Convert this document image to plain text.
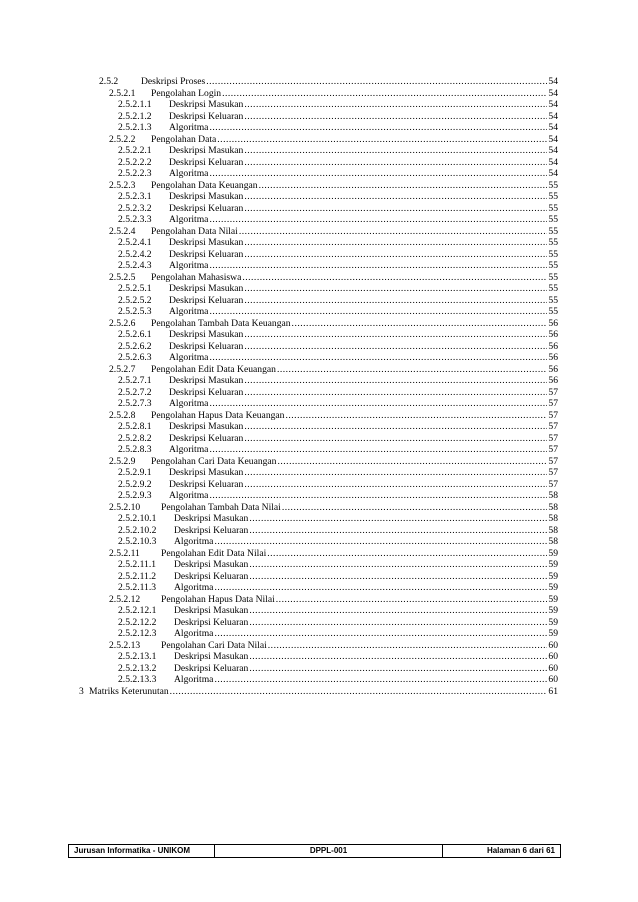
2.5.2 Deskripsi Proses .....	54
2.5.2.1 Pengolahan Login .....	54
2.5.2.1.1 Deskripsi Masukan .....	54
2.5.2.1.2 Deskripsi Keluaran .....	54
2.5.2.1.3 Algoritma .....	54
2.5.2.2 Pengolahan Data .....	54
2.5.2.2.1 Deskripsi Masukan .....	54
2.5.2.2.2 Deskripsi Keluaran .....	54
2.5.2.2.3 Algoritma .....	54
2.5.2.3 Pengolahan Data Keuangan .....	55
2.5.2.3.1 Deskripsi Masukan .....	55
2.5.2.3.2 Deskripsi Keluaran .....	55
2.5.2.3.3 Algoritma .....	55
2.5.2.4 Pengolahan Data Nilai .....	55
2.5.2.4.1 Deskripsi Masukan .....	55
2.5.2.4.2 Deskripsi Keluaran .....	55
2.5.2.4.3 Algoritma .....	55
2.5.2.5 Pengolahan Mahasiswa .....	55
2.5.2.5.1 Deskripsi Masukan .....	55
2.5.2.5.2 Deskripsi Keluaran .....	55
2.5.2.5.3 Algoritma .....	55
2.5.2.6 Pengolahan Tambah Data Keuangan .....	56
2.5.2.6.1 Deskripsi Masukan .....	56
2.5.2.6.2 Deskripsi Keluaran .....	56
2.5.2.6.3 Algoritma .....	56
2.5.2.7 Pengolahan Edit Data Keuangan .....	56
2.5.2.7.1 Deskripsi Masukan .....	56
2.5.2.7.2 Deskripsi Keluaran .....	57
2.5.2.7.3 Algoritma .....	57
2.5.2.8 Pengolahan Hapus Data Keuangan .....	57
2.5.2.8.1 Deskripsi Masukan .....	57
2.5.2.8.2 Deskripsi Keluaran .....	57
2.5.2.8.3 Algoritma .....	57
2.5.2.9 Pengolahan Cari Data Keuangan .....	57
2.5.2.9.1 Deskripsi Masukan .....	57
2.5.2.9.2 Deskripsi Keluaran .....	57
2.5.2.9.3 Algoritma .....	58
2.5.2.10 Pengolahan Tambah Data Nilai .....	58
2.5.2.10.1 Deskripsi Masukan .....	58
2.5.2.10.2 Deskripsi Keluaran .....	58
2.5.2.10.3 Algoritma .....	58
2.5.2.11 Pengolahan Edit Data Nilai .....	59
2.5.2.11.1 Deskripsi Masukan .....	59
2.5.2.11.2 Deskripsi Keluaran .....	59
2.5.2.11.3 Algoritma .....	59
2.5.2.12 Pengolahan Hapus Data Nilai .....	59
2.5.2.12.1 Deskripsi Masukan .....	59
2.5.2.12.2 Deskripsi Keluaran .....	59
2.5.2.12.3 Algoritma .....	59
2.5.2.13 Pengolahan Cari Data Nilai .....	60
2.5.2.13.1 Deskripsi Masukan .....	60
2.5.2.13.2 Deskripsi Keluaran .....	60
2.5.2.13.3 Algoritma .....	60
3 Matriks Keterunutan .....	61
Jurusan Informatika - UNIKOM	DPPL-001	Halaman 6 dari 61
